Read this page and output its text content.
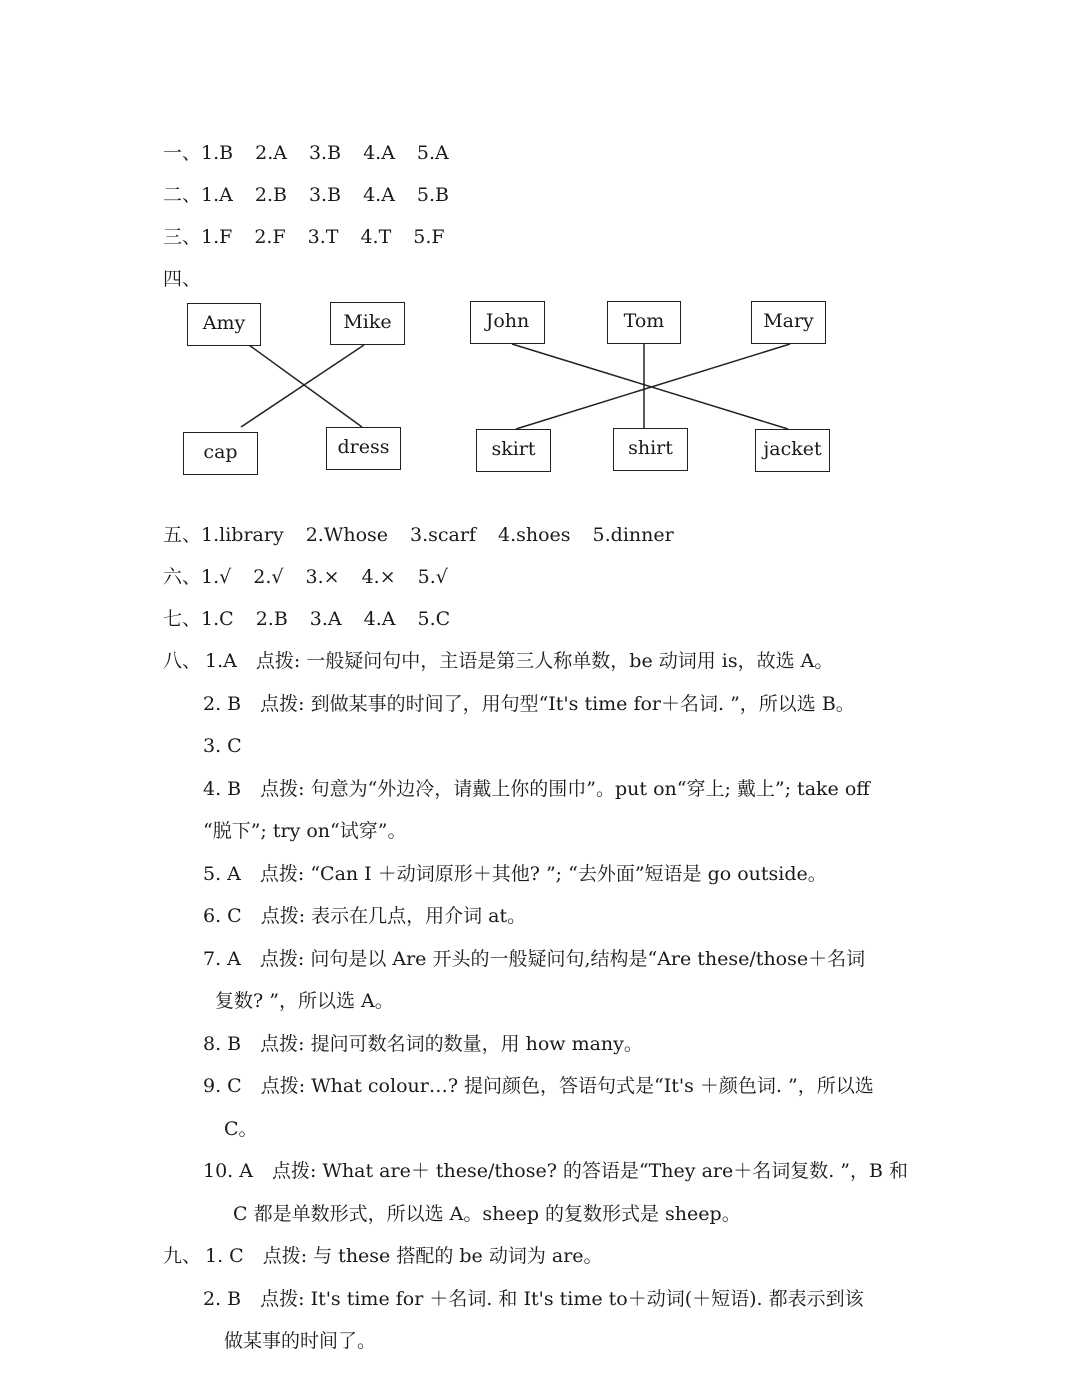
一、1.B 2.A 3.B 4.A 5.A
二、1.A 2.B 3.B 4.A 5.B
三、1.F 2.F 3.T 4.T 5.F
四、
Amy	Mike	John	Tom	Mary
cap	dress	skirt	shirt	jacket
五、1.library 2.Whose 3.scarf 4.shoes 5.dinner
六、1.√ 2.√ 3.× 4.× 5.√
七、1.C 2.B 3.A 4.A 5.C
八、 1.A　点拨: 一般疑问句中，主语是第三人称单数，be 动词用 is，故选 A。
2. B　点拨: 到做某事的时间了，用句型“It's time for＋名词. ”，所以选 B。
3. C
4. B　点拨: 句意为“外边冷，请戴上你的围巾”。put on“穿上; 戴上”; take off
“脱下”; try on“试穿”。
5. A　点拨: “Can I ＋动词原形＋其他? ”; “去外面”短语是 go outside。
6. C　点拨: 表示在几点，用介词 at。
7. A　点拨: 问句是以 Are 开头的一般疑问句,结构是“Are these/those＋名词
复数? ”，所以选 A。
8. B　点拨: 提问可数名词的数量，用 how many。
9. C　点拨: What colour…? 提问颜色，答语句式是“It's ＋颜色词. ”，所以选
C。
10. A　点拨: What are＋ these/those? 的答语是“They are＋名词复数. ”，B 和
C 都是单数形式，所以选 A。sheep 的复数形式是 sheep。
九、 1. C　点拨: 与 these 搭配的 be 动词为 are。
2. B　点拨: It's time for ＋名词. 和 It's time to＋动词(＋短语). 都表示到该
做某事的时间了。
